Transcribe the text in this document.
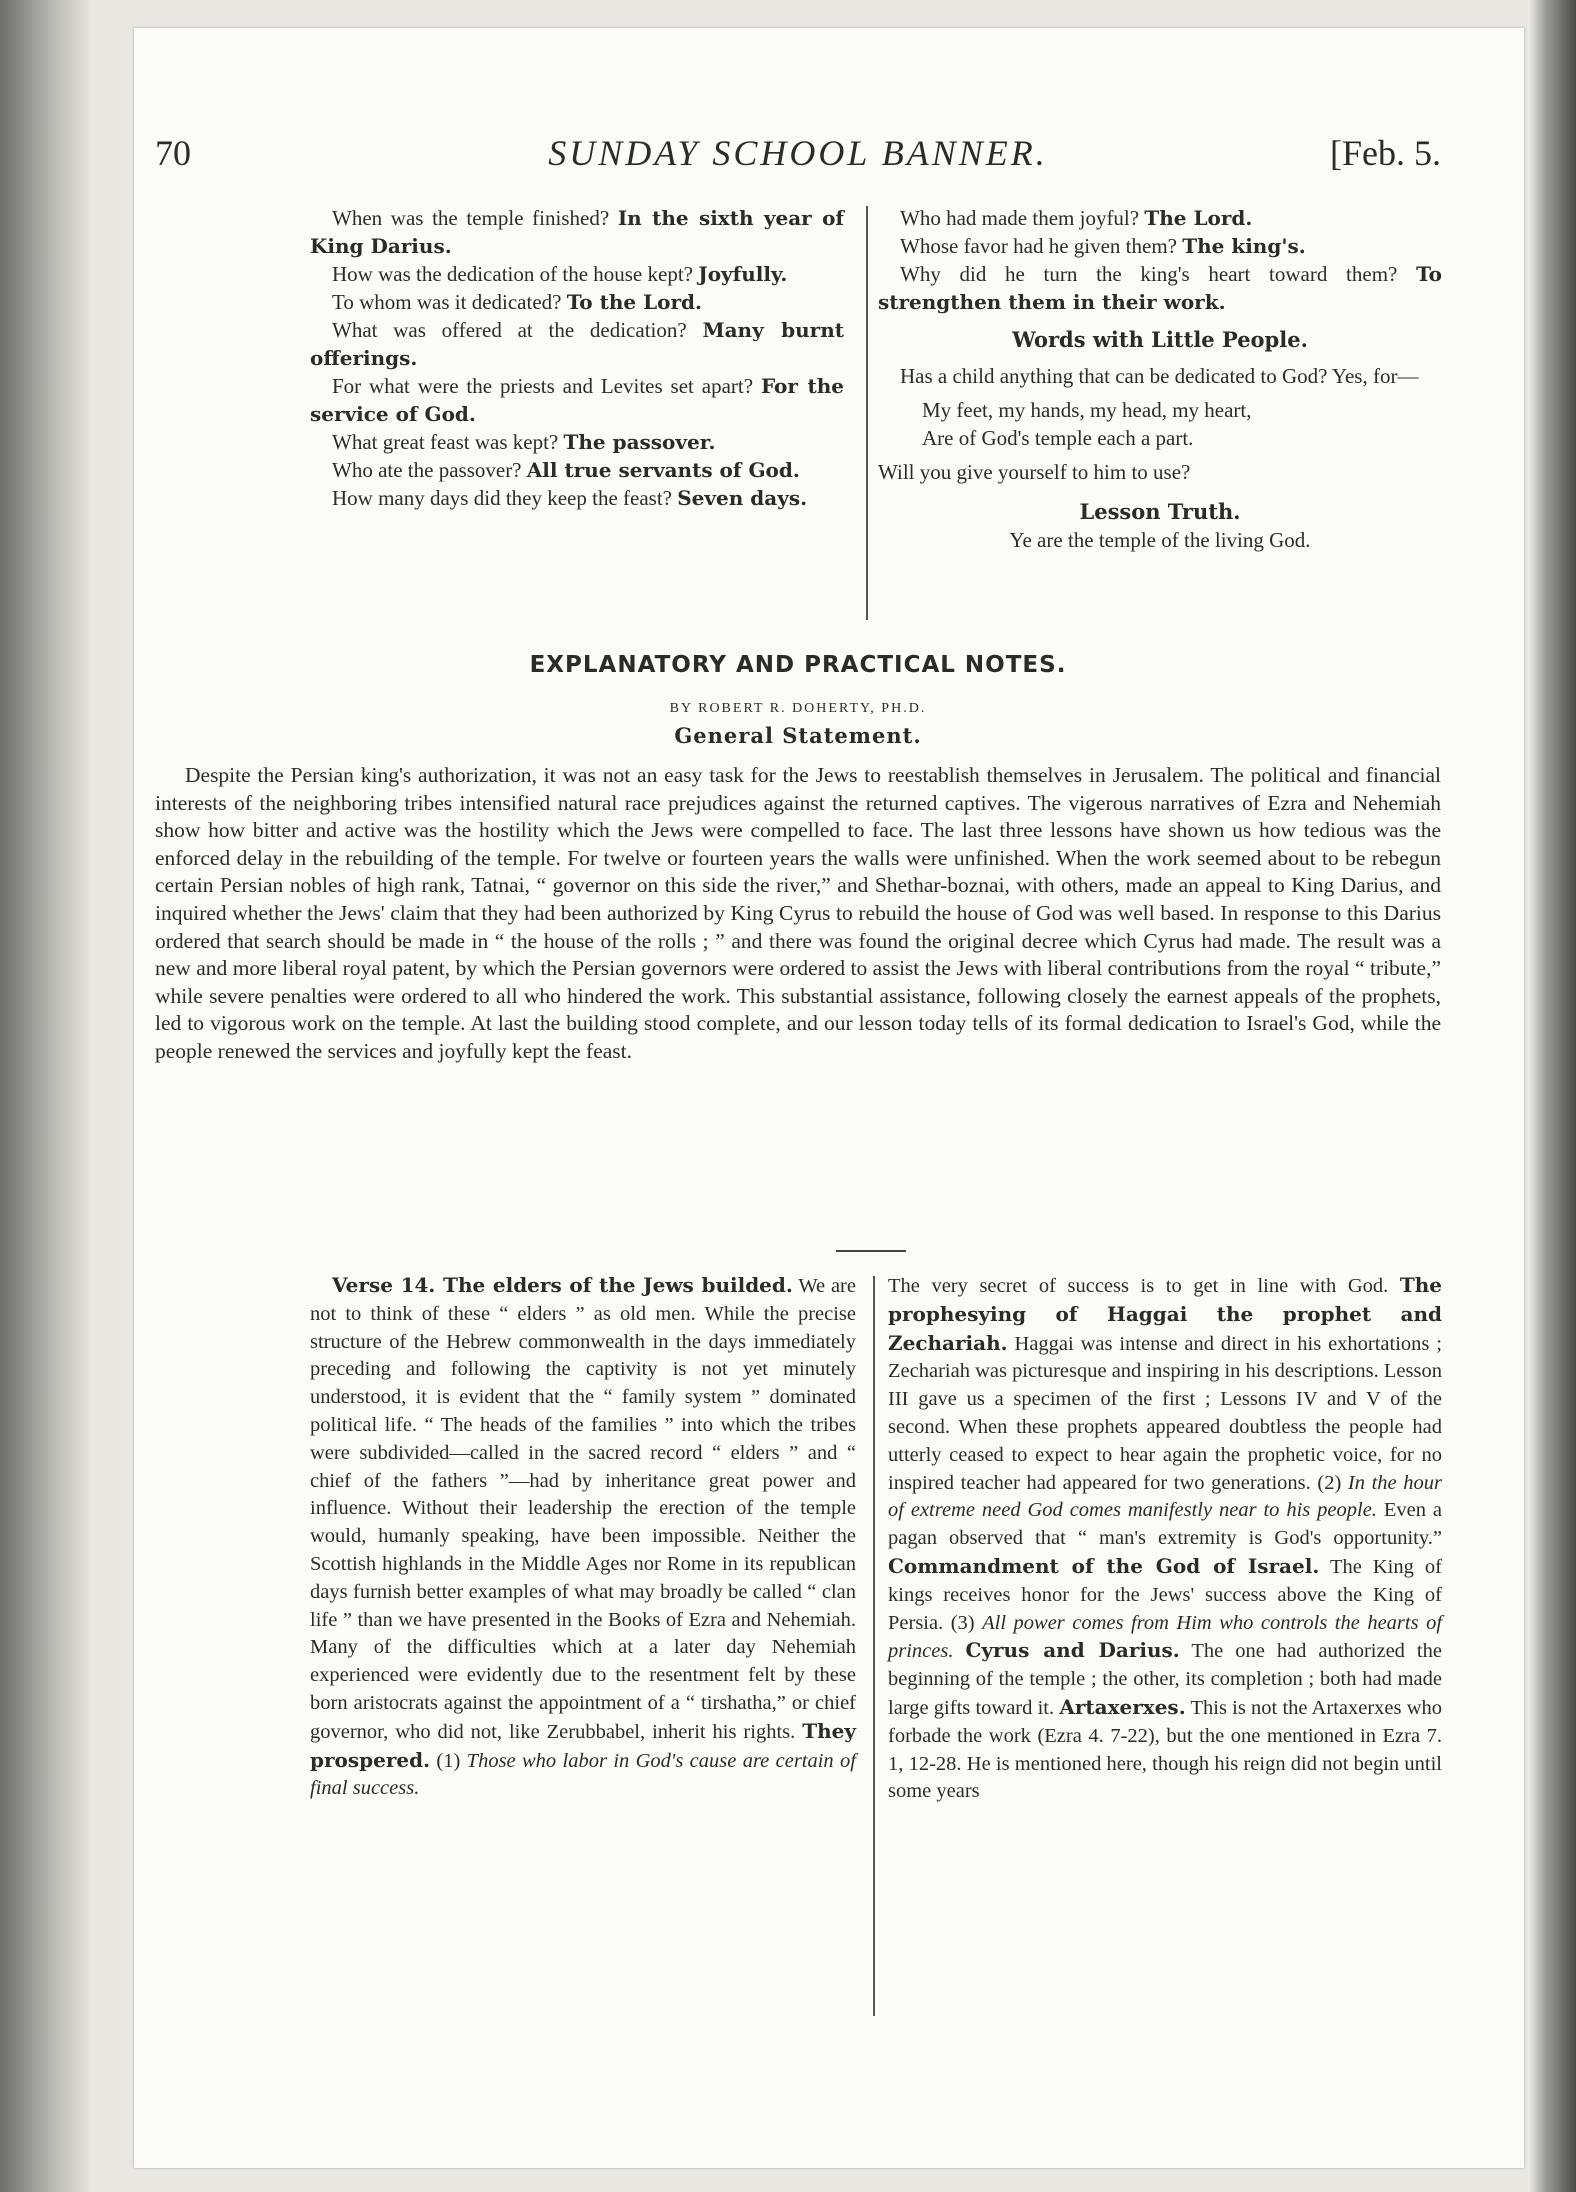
SUNDAY SCHOOL BANNER.
70	[Feb. 5.

When was the temple finished? In the sixth year of King Darius.

How was the dedication of the house kept? Joyfully.

To whom was it dedicated? To the Lord.

What was offered at the dedication? Many burnt offerings.

For what were the priests and Levites set apart? For the service of God.

What great feast was kept? The passover.

Who ate the passover? All true servants of God.

How many days did they keep the feast? Seven days.

Who had made them joyful? The Lord.

Whose favor had he given them? The king's.

Why did he turn the king's heart toward them? To strengthen them in their work.

Words with Little People.

Has a child anything that can be dedicated to God? Yes, for—

My feet, my hands, my head, my heart,

Are of God's temple each a part.

Will you give yourself to him to use?

Lesson Truth.

Ye are the temple of the living God.

EXPLANATORY AND PRACTICAL NOTES.
BY ROBERT R. DOHERTY, PH.D.
General Statement.

Despite the Persian king's authorization, it was not an easy task for the Jews to reestablish themselves in Jerusalem. The political and financial interests of the neighboring tribes intensified natural race prejudices against the returned captives. The vigerous narratives of Ezra and Nehemiah show how bitter and active was the hostility which the Jews were compelled to face. The last three lessons have shown us how tedious was the enforced delay in the rebuilding of the temple. For twelve or fourteen years the walls were unfinished. When the work seemed about to be rebegun certain Persian nobles of high rank, Tatnai, “ governor on this side the river,” and Shethar-boznai, with others, made an appeal to King Darius, and inquired whether the Jews' claim that they had been authorized by King Cyrus to rebuild the house of God was well based. In response to this Darius ordered that search should be made in “ the house of the rolls ; ” and there was found the original decree which Cyrus had made. The result was a new and more liberal royal patent, by which the Persian governors were ordered to assist the Jews with liberal contributions from the royal “ tribute,” while severe penalties were ordered to all who hindered the work. This substantial assistance, following closely the earnest appeals of the prophets, led to vigorous work on the temple. At last the building stood complete, and our lesson today tells of its formal dedication to Israel's God, while the people renewed the services and joyfully kept the feast.

Verse 14. The elders of the Jews builded. We are not to think of these “ elders ” as old men. While the precise structure of the Hebrew commonwealth in the days immediately preceding and following the captivity is not yet minutely understood, it is evident that the “ family system ” dominated political life. “ The heads of the families ” into which the tribes were subdivided—called in the sacred record “ elders ” and “ chief of the fathers ”—had by inheritance great power and influence. Without their leadership the erection of the temple would, humanly speaking, have been impossible. Neither the Scottish highlands in the Middle Ages nor Rome in its republican days furnish better examples of what may broadly be called “ clan life ” than we have presented in the Books of Ezra and Nehemiah. Many of the difficulties which at a later day Nehemiah experienced were evidently due to the resentment felt by these born aristocrats against the appointment of a “ tirshatha,” or chief governor, who did not, like Zerubbabel, inherit his rights. They prospered. (1) Those who labor in God's cause are certain of final success.

The very secret of success is to get in line with God. The prophesying of Haggai the prophet and Zechariah. Haggai was intense and direct in his exhortations ; Zechariah was picturesque and inspiring in his descriptions. Lesson III gave us a specimen of the first ; Lessons IV and V of the second. When these prophets appeared doubtless the people had utterly ceased to expect to hear again the prophetic voice, for no inspired teacher had appeared for two generations. (2) In the hour of extreme need God comes manifestly near to his people. Even a pagan observed that “ man's extremity is God's opportunity.” Commandment of the God of Israel. The King of kings receives honor for the Jews' success above the King of Persia. (3) All power comes from Him who controls the hearts of princes. Cyrus and Darius. The one had authorized the beginning of the temple ; the other, its completion ; both had made large gifts toward it. Artaxerxes. This is not the Artaxerxes who forbade the work (Ezra 4. 7-22), but the one mentioned in Ezra 7. 1, 12-28. He is mentioned here, though his reign did not begin until some years
